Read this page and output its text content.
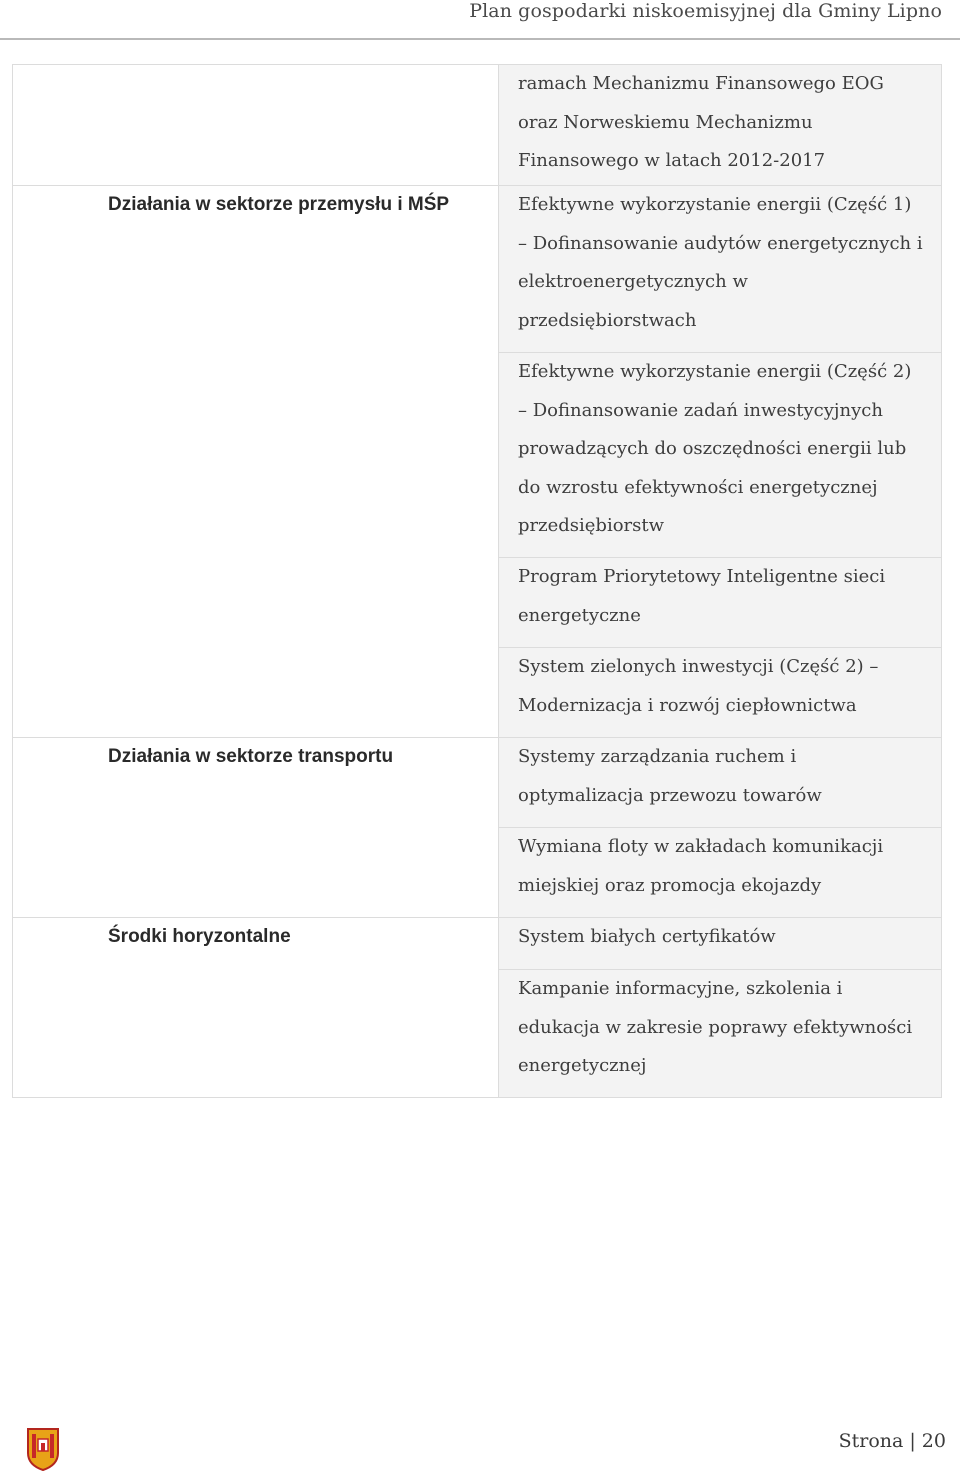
Plan gospodarki niskoemisyjnej dla Gminy Lipno

	ramach Mechanizmu Finansowego EOG oraz Norweskiemu Mechanizmu Finansowego w latach 2012-2017

Działania w sektorze przemysłu i MŚP	Efektywne wykorzystanie energii (Część 1) – Dofinansowanie audytów energetycznych i elektroenergetycznych w przedsiębiorstwach

	Efektywne wykorzystanie energii (Część 2) – Dofinansowanie zadań inwestycyjnych prowadzących do oszczędności energii lub do wzrostu efektywności energetycznej przedsiębiorstw

	Program Priorytetowy Inteligentne sieci energetyczne

	System zielonych inwestycji (Część 2) – Modernizacja i rozwój ciepłownictwa

Działania w sektorze transportu	Systemy zarządzania ruchem i optymalizacja przewozu towarów

	Wymiana floty w zakładach komunikacji miejskiej oraz promocja ekojazdy

Środki horyzontalne	System białych certyfikatów

	Kampanie informacyjne, szkolenia i edukacja w zakresie poprawy efektywności energetycznej
Strona | 20
